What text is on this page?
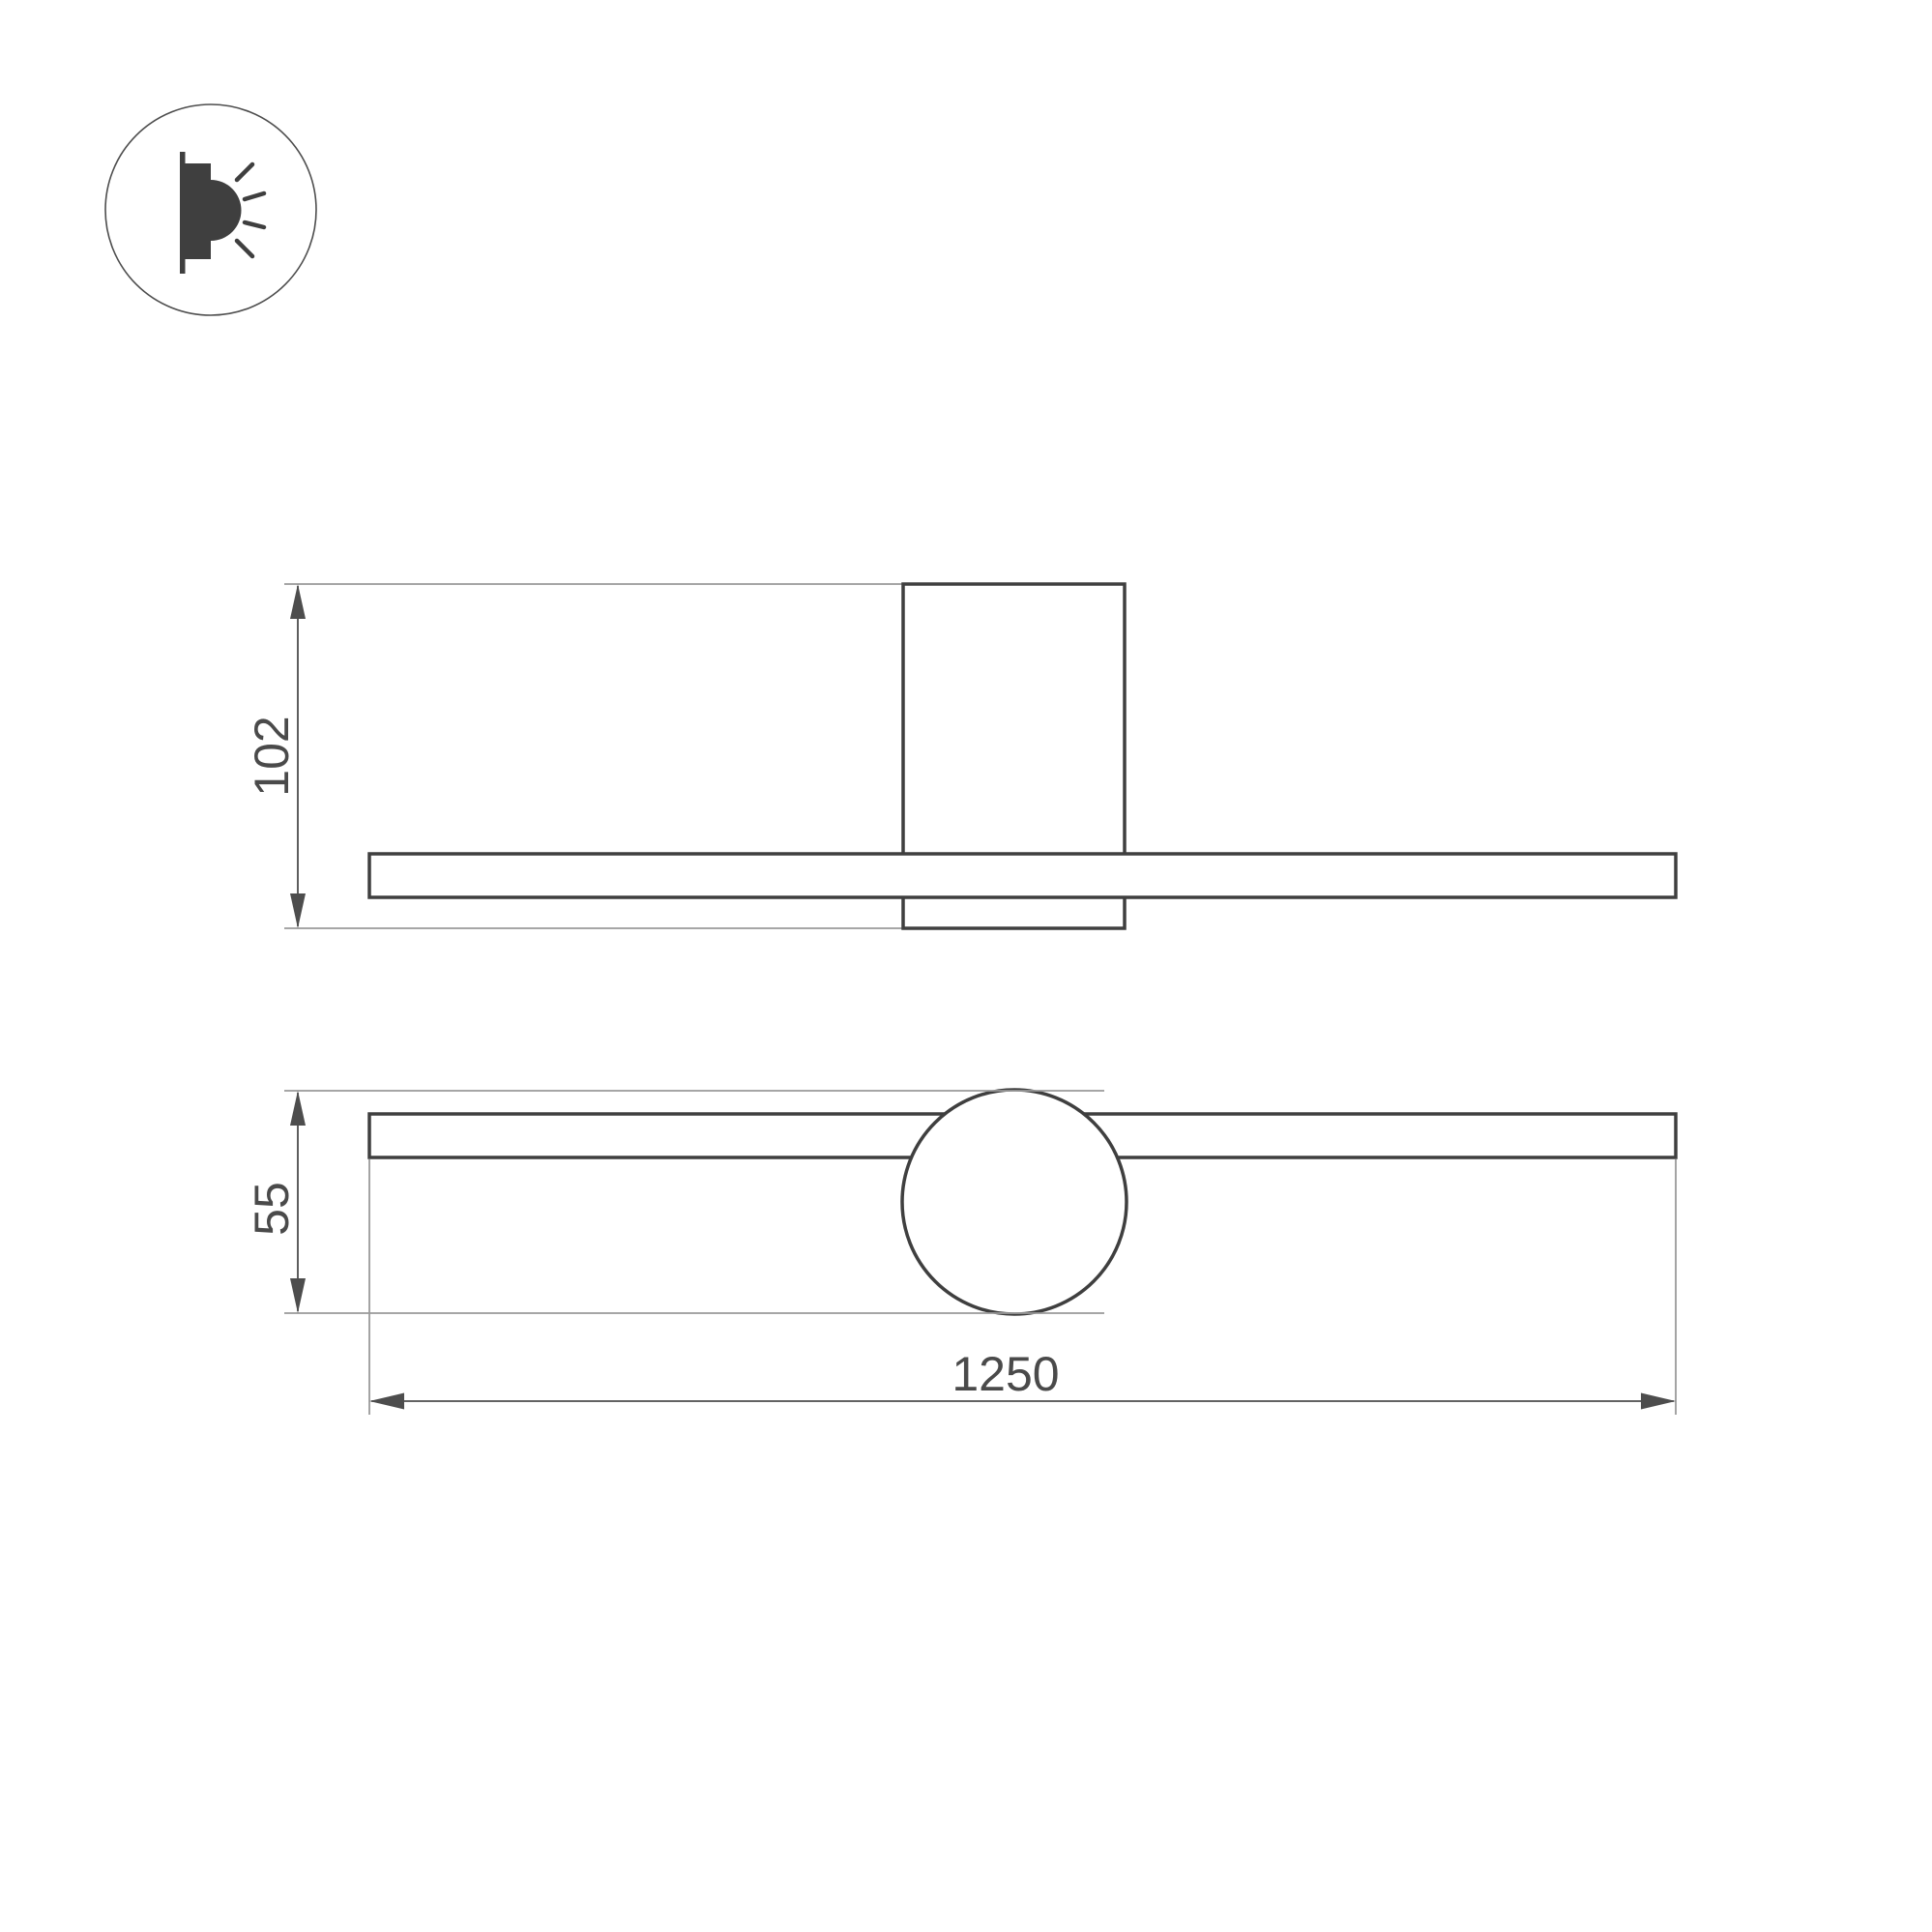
102
55
1250
